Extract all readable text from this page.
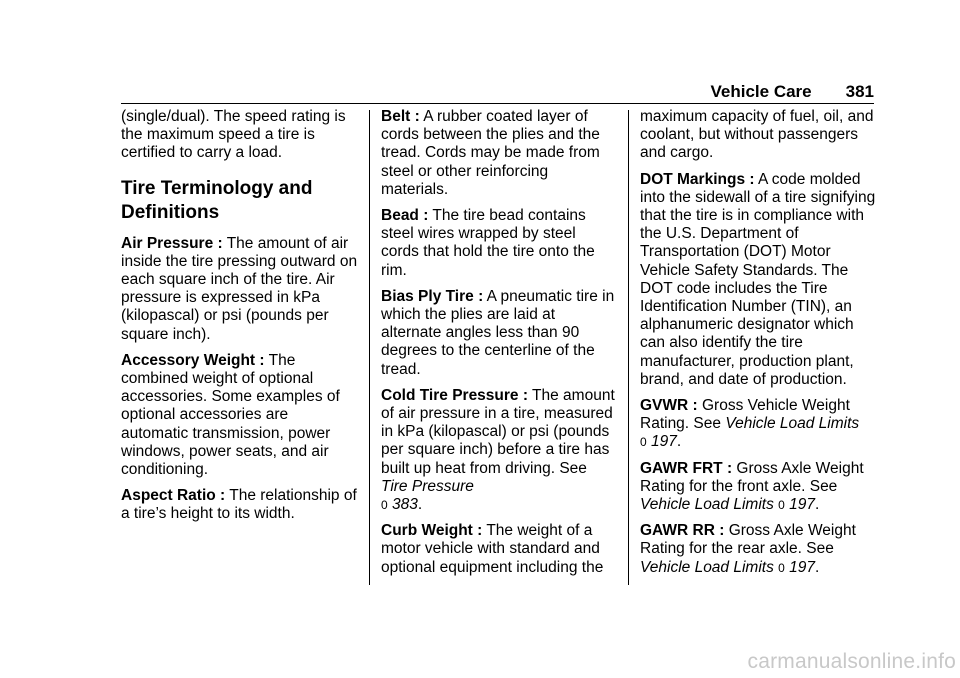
Vehicle Care 381

(single/dual). The speed rating is the maximum speed a tire is certified to carry a load.

Tire Terminology and Definitions

Air Pressure : The amount of air inside the tire pressing outward on each square inch of the tire. Air pressure is expressed in kPa (kilopascal) or psi (pounds per square inch).

Accessory Weight : The combined weight of optional accessories. Some examples of optional accessories are automatic transmission, power windows, power seats, and air conditioning.

Aspect Ratio : The relationship of a tire’s height to its width.

Belt : A rubber coated layer of cords between the plies and the tread. Cords may be made from steel or other reinforcing materials.

Bead : The tire bead contains steel wires wrapped by steel cords that hold the tire onto the rim.

Bias Ply Tire : A pneumatic tire in which the plies are laid at alternate angles less than 90 degrees to the centerline of the tread.

Cold Tire Pressure : The amount of air pressure in a tire, measured in kPa (kilopascal) or psi (pounds per square inch) before a tire has built up heat from driving. See Tire Pressure
0 383.

Curb Weight : The weight of a motor vehicle with standard and optional equipment including the

maximum capacity of fuel, oil, and coolant, but without passengers and cargo.

DOT Markings : A code molded into the sidewall of a tire signifying that the tire is in compliance with the U.S. Department of Transportation (DOT) Motor Vehicle Safety Standards. The DOT code includes the Tire Identification Number (TIN), an alphanumeric designator which can also identify the tire manufacturer, production plant, brand, and date of production.

GVWR : Gross Vehicle Weight Rating. See Vehicle Load Limits
0 197.

GAWR FRT : Gross Axle Weight Rating for the front axle. See
Vehicle Load Limits 0 197.

GAWR RR : Gross Axle Weight Rating for the rear axle. See
Vehicle Load Limits 0 197.

carmanualsonline.info
